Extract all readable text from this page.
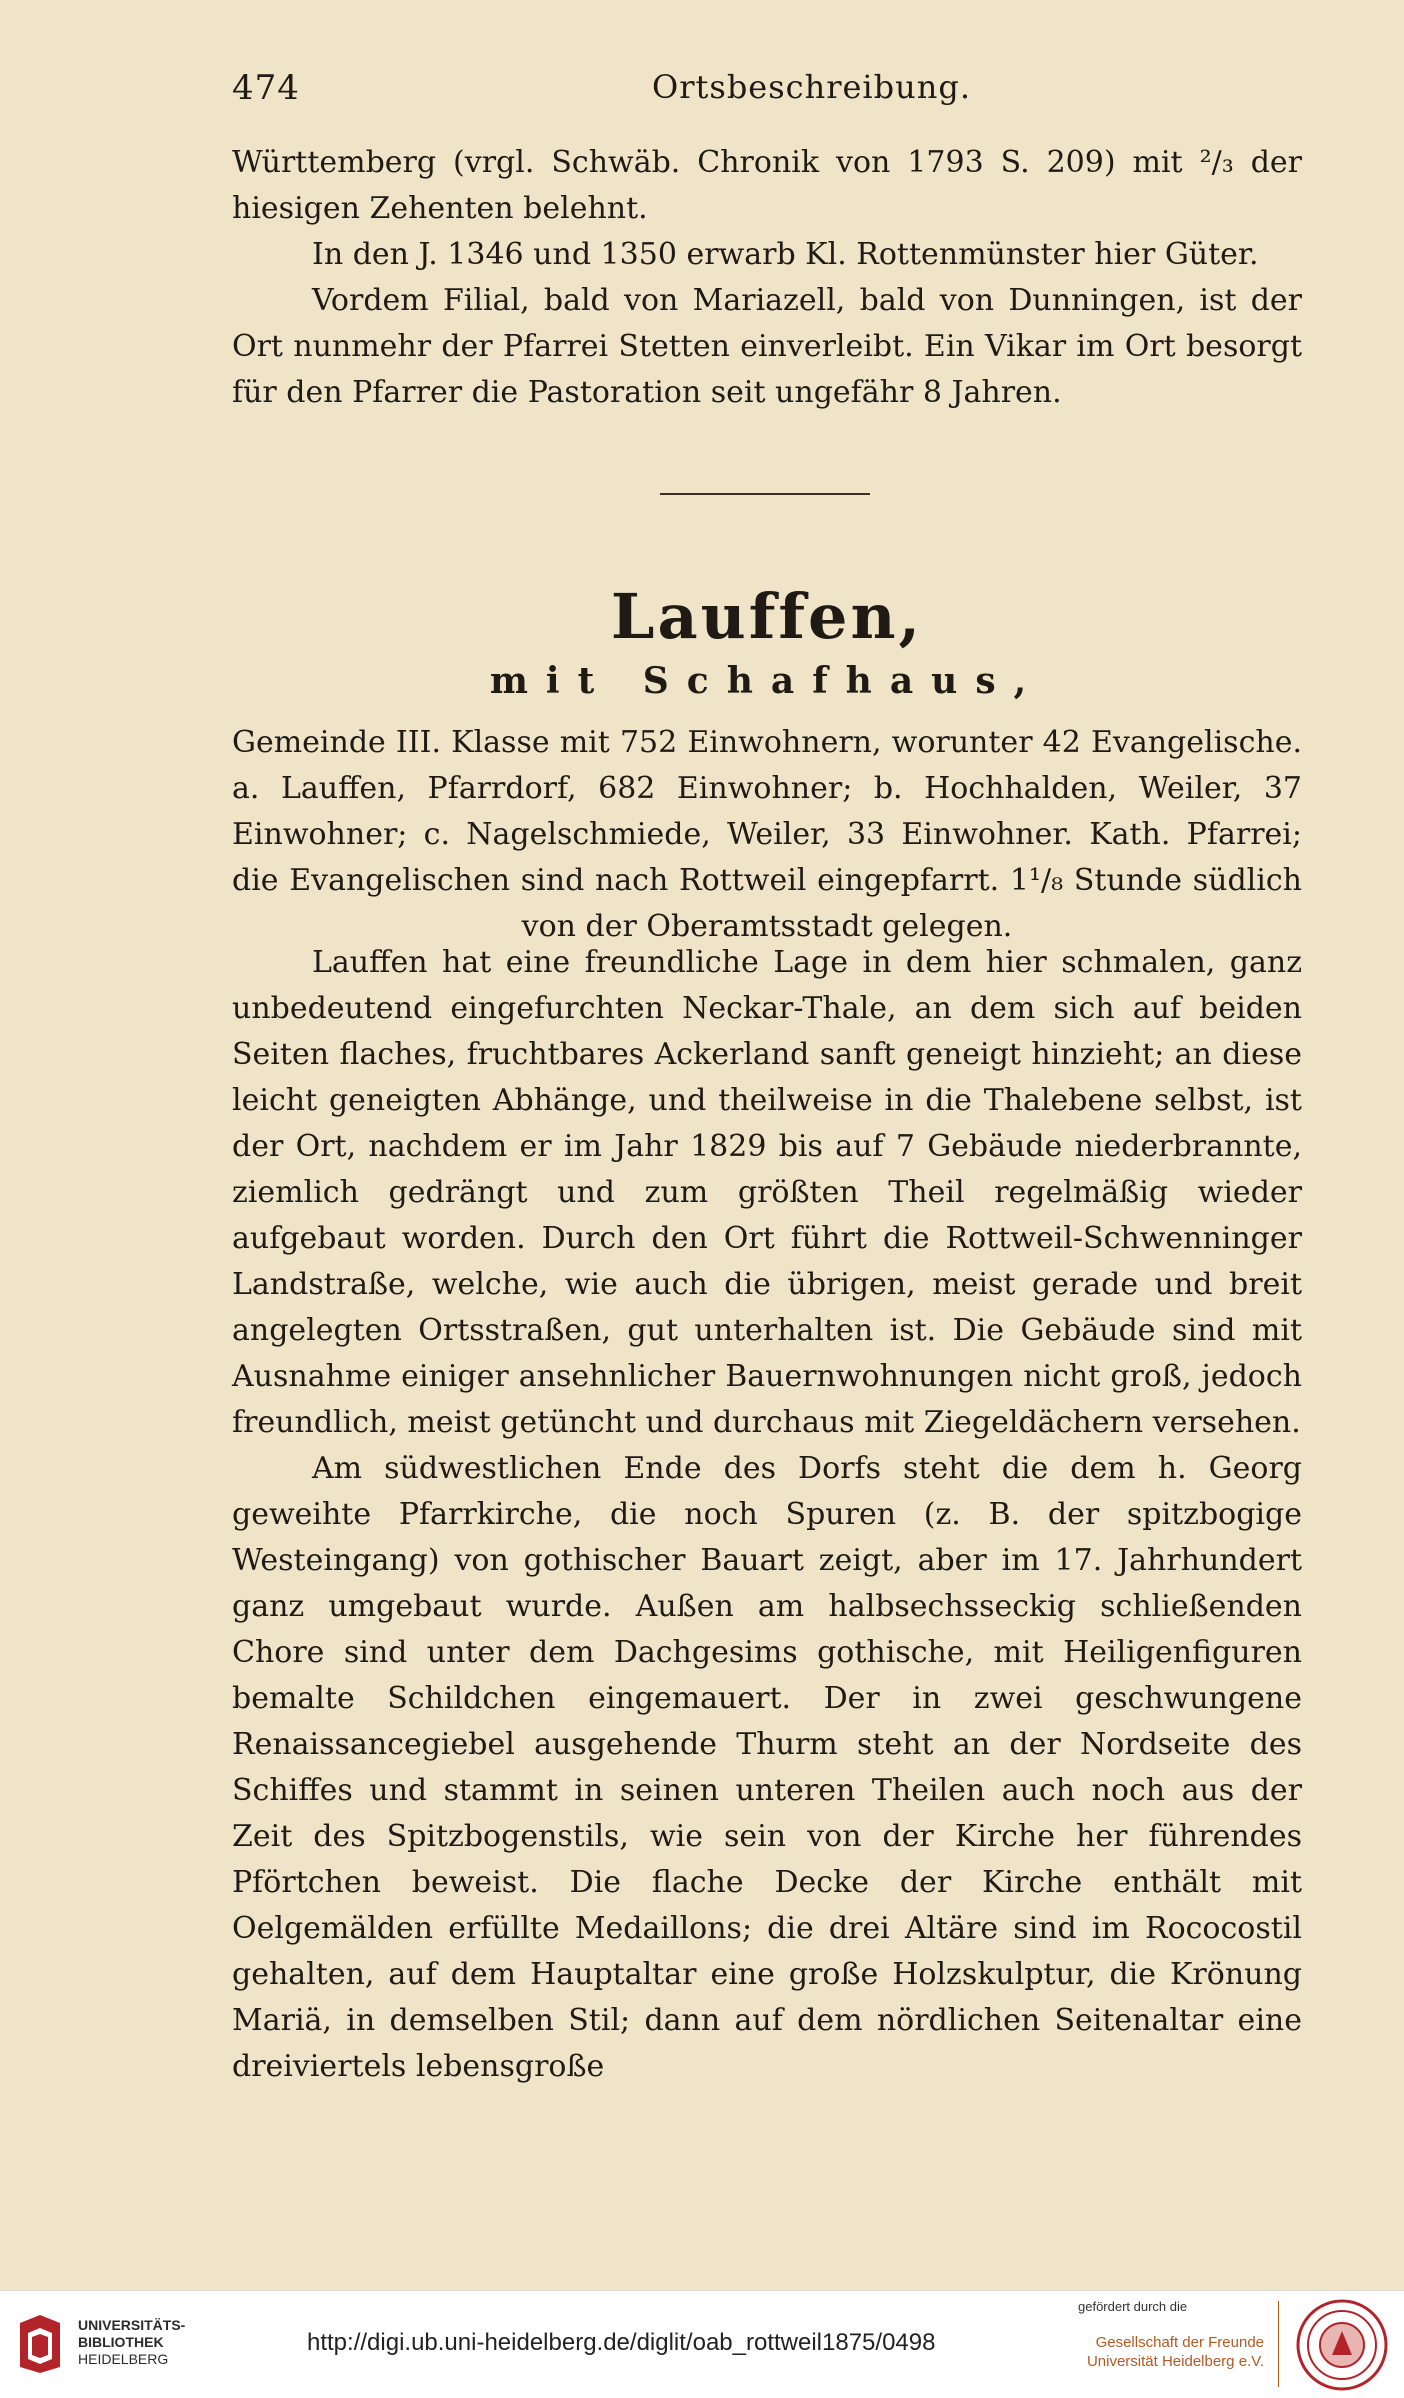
474	Ortsbeschreibung.

Württemberg (vrgl. Schwäb. Chronik von 1793 S. 209) mit ²/₃ der hiesigen Zehenten belehnt.

In den J. 1346 und 1350 erwarb Kl. Rottenmünster hier Güter.

Vordem Filial, bald von Mariazell, bald von Dunningen, ist der Ort nunmehr der Pfarrei Stetten einverleibt. Ein Vikar im Ort besorgt für den Pfarrer die Pastoration seit ungefähr 8 Jahren.

Lauffen,
mit Schafhaus,

Gemeinde III. Klasse mit 752 Einwohnern, worunter 42 Evangelische. a. Lauffen, Pfarrdorf, 682 Einwohner; b. Hochhalden, Weiler, 37 Einwohner; c. Nagelschmiede, Weiler, 33 Einwohner. Kath. Pfarrei; die Evangelischen sind nach Rottweil eingepfarrt. 1¹/₈ Stunde südlich von der Oberamtsstadt gelegen.

Lauffen hat eine freundliche Lage in dem hier schmalen, ganz unbedeutend eingefurchten Neckar-Thale, an dem sich auf beiden Seiten flaches, fruchtbares Ackerland sanft geneigt hinzieht; an diese leicht geneigten Abhänge, und theilweise in die Thalebene selbst, ist der Ort, nachdem er im Jahr 1829 bis auf 7 Gebäude niederbrannte, ziemlich gedrängt und zum größten Theil regelmäßig wieder aufgebaut worden. Durch den Ort führt die Rottweil-Schwenninger Landstraße, welche, wie auch die übrigen, meist gerade und breit angelegten Ortsstraßen, gut unterhalten ist. Die Gebäude sind mit Ausnahme einiger ansehnlicher Bauernwohnungen nicht groß, jedoch freundlich, meist getüncht und durchaus mit Ziegeldächern versehen.

Am südwestlichen Ende des Dorfs steht die dem h. Georg geweihte Pfarrkirche, die noch Spuren (z. B. der spitzbogige Westeingang) von gothischer Bauart zeigt, aber im 17. Jahrhundert ganz umgebaut wurde. Außen am halbsechsseckig schließenden Chore sind unter dem Dachgesims gothische, mit Heiligenfiguren bemalte Schildchen eingemauert. Der in zwei geschwungene Renaissancegiebel ausgehende Thurm steht an der Nordseite des Schiffes und stammt in seinen unteren Theilen auch noch aus der Zeit des Spitzbogenstils, wie sein von der Kirche her führendes Pförtchen beweist. Die flache Decke der Kirche enthält mit Oelgemälden erfüllte Medaillons; die drei Altäre sind im Rococostil gehalten, auf dem Hauptaltar eine große Holzskulptur, die Krönung Mariä, in demselben Stil; dann auf dem nördlichen Seitenaltar eine dreiviertels lebensgroße

UNIVERSITÄTS-
BIBLIOTHEK
HEIDELBERG
http://digi.ub.uni-heidelberg.de/diglit/oab_rottweil1875/0498
gefördert durch die
Gesellschaft der Freunde
Universität Heidelberg e.V.
